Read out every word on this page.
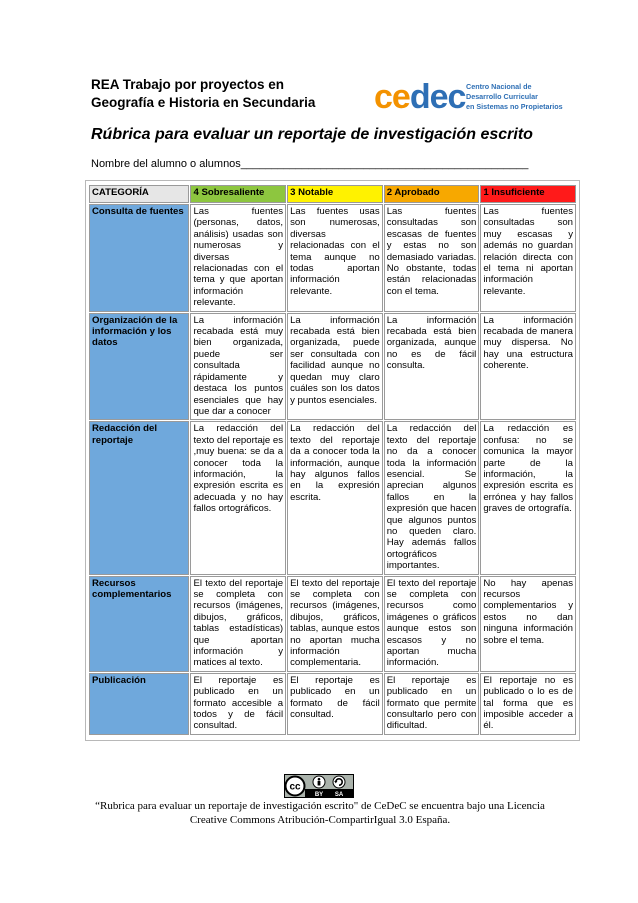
REA Trabajo por proyectos en
Geografía e Historia en Secundaria	cedec Centro Nacional de
Desarrollo Curricular
en Sistemas no Propietarios
Rúbrica para evaluar un reportaje de investigación escrito
Nombre del alumno o alumnos_______________________________________________
CATEGORÍA	4 Sobresaliente	3 Notable	2 Aprobado	1 Insuficiente
Consulta de fuentes	Las fuentes (personas, datos, análisis) usadas son numerosas y diversas relacionadas con el tema y que aportan información relevante.	Las fuentes usas son numerosas, diversas relacionadas con el tema aunque no todas aportan información relevante.	Las fuentes consultadas son escasas de fuentes y estas no son demasiado variadas. No obstante, todas están relacionadas con el tema.	Las fuentes consultadas son muy escasas y además no guardan relación directa con el tema ni aportan información relevante.
Organización de la información y los datos	La información recabada está muy bien organizada, puede ser consultada rápidamente y destaca los puntos esenciales que hay que dar a conocer	La información recabada está bien organizada, puede ser consultada con facilidad aunque no quedan muy claro cuáles son los datos y puntos esenciales.	La información recabada está bien organizada, aunque no es de fácil consulta.	La información recabada de manera muy dispersa. No hay una estructura coherente.
Redacción del reportaje	La redacción del texto del reportaje es ,muy buena: se da a conocer toda la información, la expresión escrita es adecuada y no hay fallos ortográficos.	La redacción del texto del reportaje da a conocer toda la información, aunque hay algunos fallos en la expresión escrita.	La redacción del texto del reportaje no da a conocer toda la información esencial. Se aprecian algunos fallos en la expresión que hacen que algunos puntos no queden claro. Hay además fallos ortográficos importantes.	La redacción es confusa: no se comunica la mayor parte de la información, la expresión escrita es errónea y hay fallos graves de ortografía.
Recursos complementarios	El texto del reportaje se completa con recursos (imágenes, dibujos, gráficos, tablas estadísticas) que aportan información y matices al texto.	El texto del reportaje se completa con recursos (imágenes, dibujos, gráficos, tablas, aunque estos no aportan mucha información complementaria.	El texto del reportaje se completa con recursos como imágenes o gráficos aunque estos son escasos y no aportan mucha información.	No hay apenas recursos complementarios y estos no dan ninguna información sobre el tema.
Publicación	El reportaje es publicado en un formato accesible a todos y de fácil consultad.	El reportaje es publicado en un formato de fácil consultad.	El reportaje es publicado en un formato que permite consultarlo pero con dificultad.	El reportaje no es publicado o lo es de tal forma que es imposible acceder a él.
cc
BY SA
“Rubrica para evaluar un reportaje de investigación escrito" de CeDeC se encuentra bajo una Licencia
Creative Commons Atribución-CompartirIgual 3.0 España.
